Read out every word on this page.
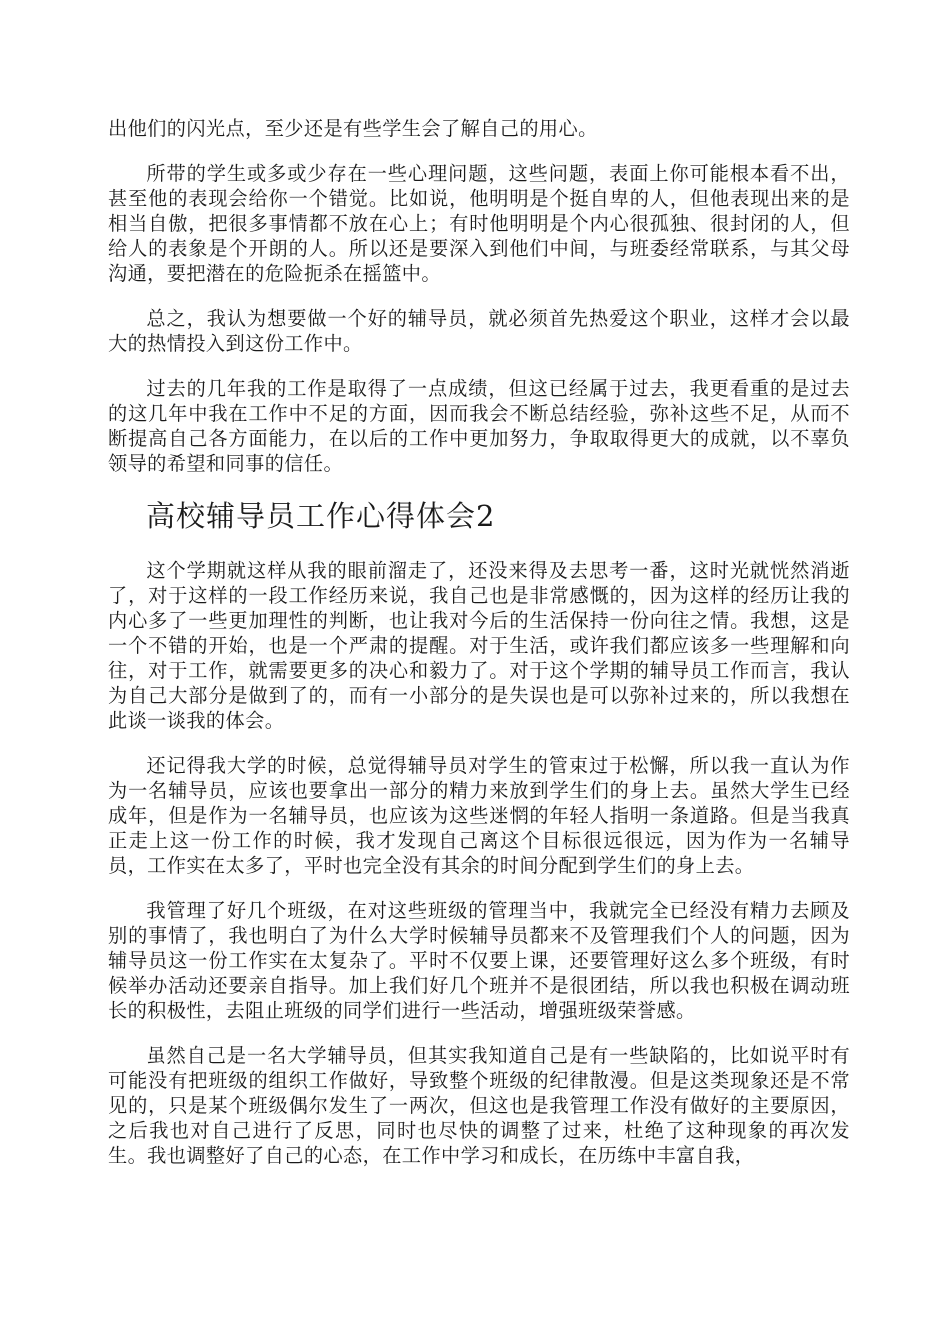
出他们的闪光点，至少还是有些学生会了解自己的用心。

所带的学生或多或少存在一些心理问题，这些问题，表面上你可能根本看不出，甚至他的表现会给你一个错觉。比如说，他明明是个挺自卑的人，但他表现出来的是相当自傲，把很多事情都不放在心上；有时他明明是个内心很孤独、很封闭的人，但给人的表象是个开朗的人。所以还是要深入到他们中间，与班委经常联系，与其父母沟通，要把潜在的危险扼杀在摇篮中。

总之，我认为想要做一个好的辅导员，就必须首先热爱这个职业，这样才会以最大的热情投入到这份工作中。

过去的几年我的工作是取得了一点成绩，但这已经属于过去，我更看重的是过去的这几年中我在工作中不足的方面，因而我会不断总结经验，弥补这些不足，从而不断提高自己各方面能力，在以后的工作中更加努力，争取取得更大的成就，以不辜负领导的希望和同事的信任。

高校辅导员工作心得体会2

这个学期就这样从我的眼前溜走了，还没来得及去思考一番，这时光就恍然消逝了，对于这样的一段工作经历来说，我自己也是非常感慨的，因为这样的经历让我的内心多了一些更加理性的判断，也让我对今后的生活保持一份向往之情。我想，这是一个不错的开始，也是一个严肃的提醒。对于生活，或许我们都应该多一些理解和向往，对于工作，就需要更多的决心和毅力了。对于这个学期的辅导员工作而言，我认为自己大部分是做到了的，而有一小部分的是失误也是可以弥补过来的，所以我想在此谈一谈我的体会。

还记得我大学的时候，总觉得辅导员对学生的管束过于松懈，所以我一直认为作为一名辅导员，应该也要拿出一部分的精力来放到学生们的身上去。虽然大学生已经成年，但是作为一名辅导员，也应该为这些迷惘的年轻人指明一条道路。但是当我真正走上这一份工作的时候，我才发现自己离这个目标很远很远，因为作为一名辅导员，工作实在太多了，平时也完全没有其余的时间分配到学生们的身上去。

我管理了好几个班级，在对这些班级的管理当中，我就完全已经没有精力去顾及别的事情了，我也明白了为什么大学时候辅导员都来不及管理我们个人的问题，因为辅导员这一份工作实在太复杂了。平时不仅要上课，还要管理好这么多个班级，有时候举办活动还要亲自指导。加上我们好几个班并不是很团结，所以我也积极在调动班长的积极性，去阻止班级的同学们进行一些活动，增强班级荣誉感。

虽然自己是一名大学辅导员，但其实我知道自己是有一些缺陷的，比如说平时有可能没有把班级的组织工作做好，导致整个班级的纪律散漫。但是这类现象还是不常见的，只是某个班级偶尔发生了一两次，但这也是我管理工作没有做好的主要原因，之后我也对自己进行了反思，同时也尽快的调整了过来，杜绝了这种现象的再次发生。我也调整好了自己的心态，在工作中学习和成长，在历练中丰富自我，
